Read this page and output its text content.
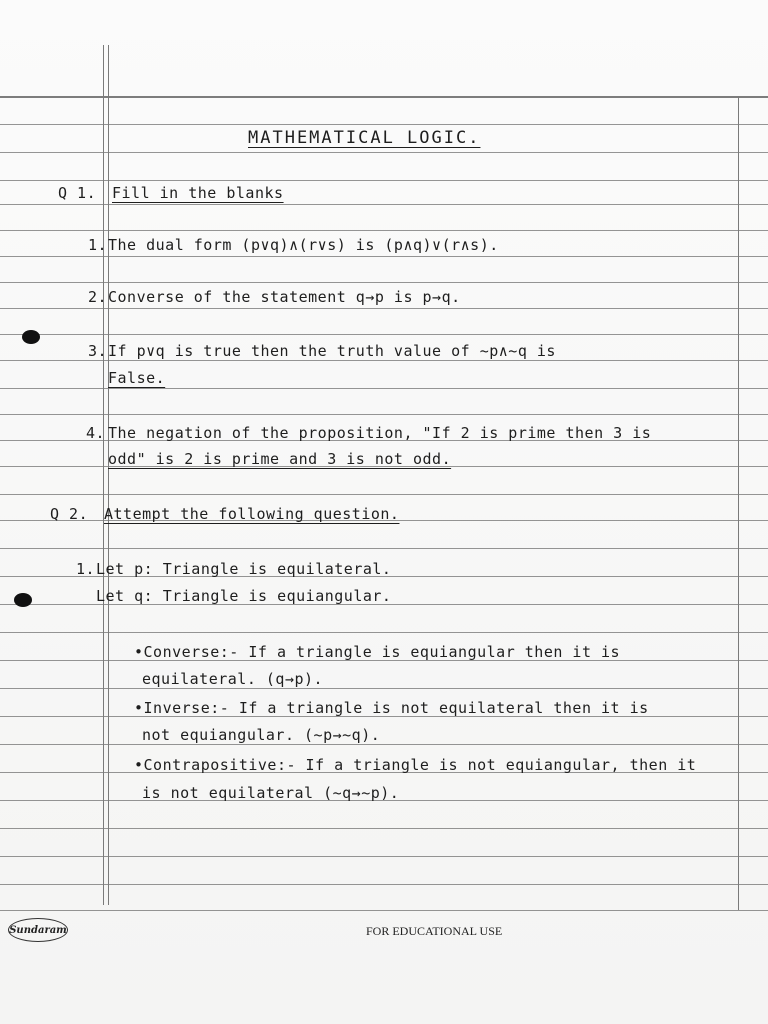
MATHEMATICAL LOGIC.
Q 1. Fill in the blanks
1. The dual form (p∨q)∧(r∨s) is (p∧q)∨(r∧s).
2. Converse of the statement q→p is p→q.
3. If p∨q is true then the truth value of ~p∧~q is
False.
4. The negation of the proposition, "If 2 is prime then 3 is
odd" is 2 is prime and 3 is not odd.
Q 2. Attempt the following question.
1. Let p: Triangle is equilateral.
Let q: Triangle is equiangular.
•Converse:- If a triangle is equiangular then it is
equilateral. (q→p).
•Inverse:- If a triangle is not equilateral then it is
not equiangular. (~p→~q).
•Contrapositive:- If a triangle is not equiangular, then it
is not equilateral (~q→~p).
Sundaram	FOR EDUCATIONAL USE
